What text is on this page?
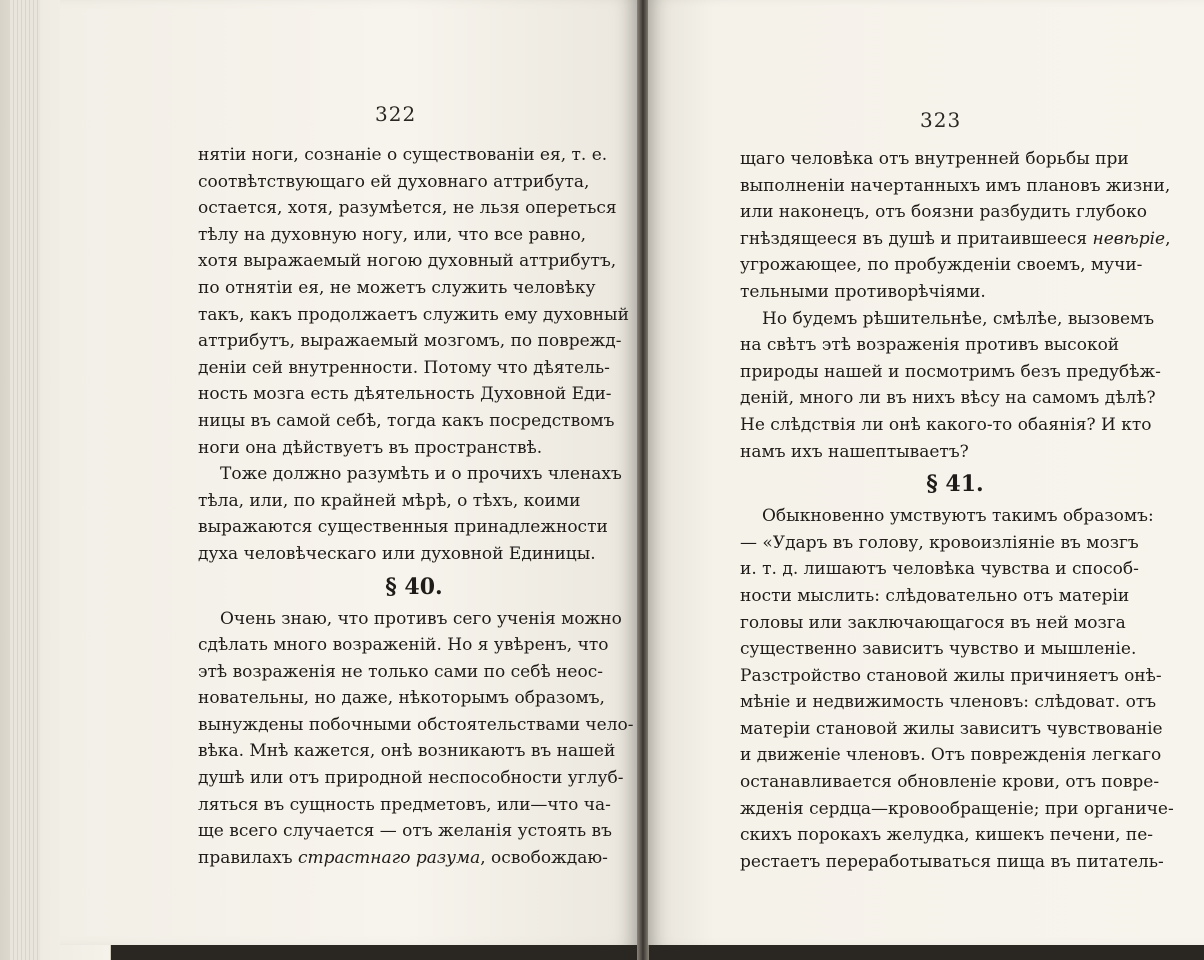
322
нятіи ноги, сознаніе о существованіи ея, т. е.
соотвѣтствующаго ей духовнаго аттрибута,
остается, хотя, разумѣется, не льзя опереться
тѣлу на духовную ногу, или, что все равно,
хотя выражаемый ногою духовный аттрибутъ,
по отнятіи ея, не можетъ служить человѣку
такъ, какъ продолжаетъ служить ему духовный
аттрибутъ, выражаемый мозгомъ, по поврежд-
деніи сей внутренности. Потому что дѣятель-
ность мозга есть дѣятельность Духовной Еди-
ницы въ самой себѣ, тогда какъ посредствомъ
ноги она дѣйствуетъ въ пространствѣ.
Тоже должно разумѣть и о прочихъ членахъ
тѣла, или, по крайней мѣрѣ, о тѣхъ, коими
выражаются существенныя принадлежности
духа человѣческаго или духовной Единицы.
§ 40.
Очень знаю, что противъ сего ученія можно
сдѣлать много возраженій. Но я увѣренъ, что
этѣ возраженія не только сами по себѣ неос-
новательны, но даже, нѣкоторымъ образомъ,
вынуждены побочными обстоятельствами чело-
вѣка. Мнѣ кажется, онѣ возникаютъ въ нашей
душѣ или отъ природной неспособности углуб-
ляться въ сущность предметовъ, или—что ча-
ще всего случается — отъ желанія устоять въ
правилахъ страстнаго разума, освобождаю-
323
щаго человѣка отъ внутренней борьбы при
выполненіи начертанныхъ имъ плановъ жизни,
или наконецъ, отъ боязни разбудить глубоко
гнѣздящееся въ душѣ и притаившееся невѣріе,
угрожающее, по пробужденіи своемъ, мучи-
тельными противорѣчіями.
Но будемъ рѣшительнѣе, смѣлѣе, вызовемъ
на свѣтъ этѣ возраженія противъ высокой
природы нашей и посмотримъ безъ предубѣж-
деній, много ли въ нихъ вѣсу на самомъ дѣлѣ?
Не слѣдствія ли онѣ какого-то обаянія? И кто
намъ ихъ нашептываетъ?
§ 41.
Обыкновенно умствуютъ такимъ образомъ:
— «Ударъ въ голову, кровоизліяніе въ мозгъ
и. т. д. лишаютъ человѣка чувства и способ-
ности мыслить: слѣдовательно отъ матеріи
головы или заключающагося въ ней мозга
существенно зависитъ чувство и мышленіе.
Разстройство становой жилы причиняетъ онѣ-
мѣніе и недвижимость членовъ: слѣдоват. отъ
матеріи становой жилы зависитъ чувствованіе
и движеніе членовъ. Отъ поврежденія легкаго
останавливается обновленіе крови, отъ повре-
жденія сердца—кровообращеніе; при органиче-
скихъ порокахъ желудка, кишекъ печени, пе-
рестаетъ переработываться пища въ питатель-
